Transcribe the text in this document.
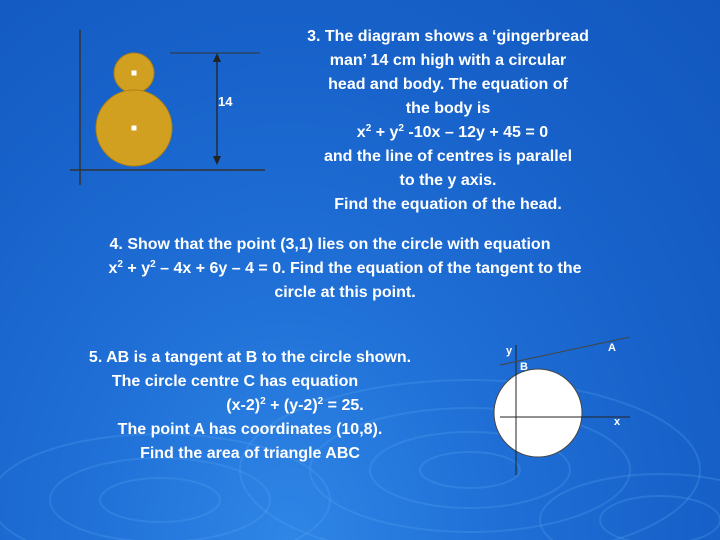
14
3. The diagram shows a ‘gingerbread
man’ 14 cm high with a circular
head and body. The equation of
the body is
$x^2 + y^2$ -10x – 12y + 45 = 0
and the line of centres is parallel
to the y axis.
Find the equation of the head.
4. Show that the point (3,1) lies on the circle with equation
$x^2 + y^2 - 4x + 6y - 4 = 0$. Find the equation of the tangent to the
circle at this point.
5. AB is a tangent at B to the circle shown.
The circle centre C has equation
$(x-2)^2 + (y-2)^2 = 25$.
The point A has coordinates (10,8).
Find the area of triangle ABC
y
B
A
x
